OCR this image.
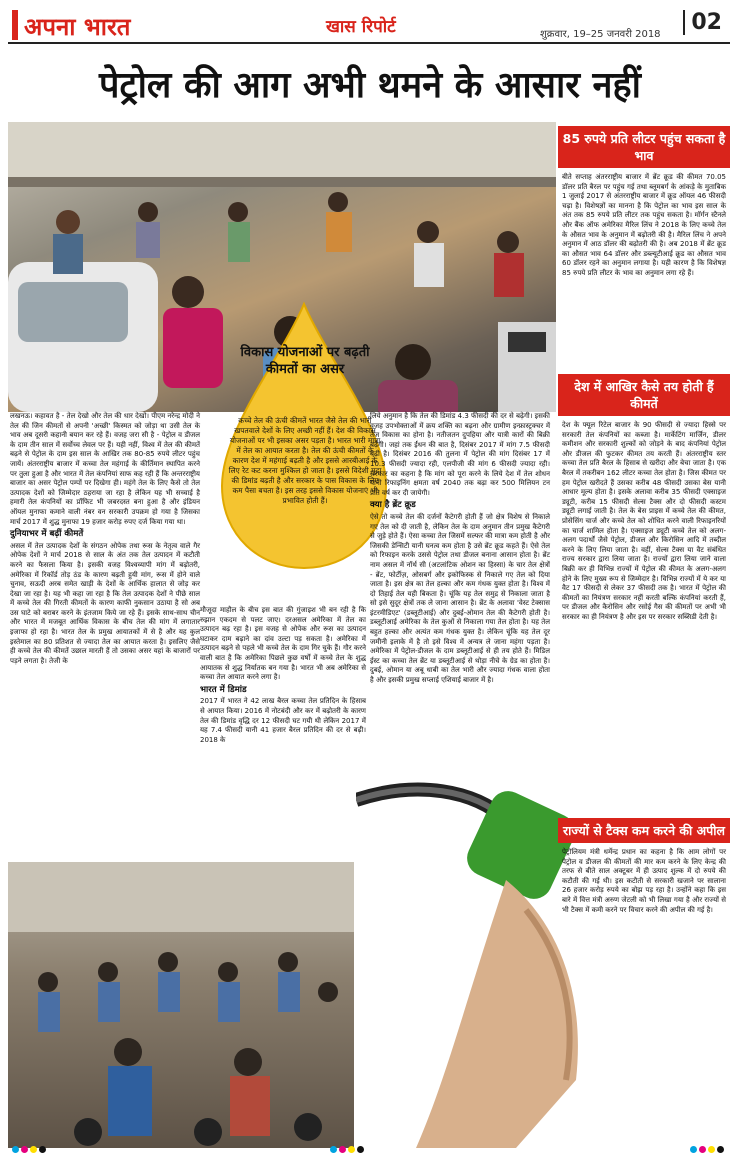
अपना भारत	खास रिपोर्ट	शुक्रवार, 19–25 जनवरी 2018	02
पेट्रोल की आग अभी थमने के आसार नहीं
विकास योजनाओं पर बढ़ती कीमतों का असर
कच्चे तेल की ऊंची कीमतें भारत जैसे तेल की भारी खपतवाले देशों के लिए अच्छी नहीं हैं। देश की विकास योजनाओं पर भी इसका असर पड़ता है। भारत भारी मात्रा में तेल का आयात करता है। तेल की ऊंची कीमतों के कारण देश में महंगाई बढ़ती है और इससे आरबीआई के लिए रेट कट करना मुश्किल हो जाता है। इससे विदेशी मुद्रा की डिमांड बढ़ती है और सरकार के पास विकास के लिए कम पैसा बचता है। इस तरह इससे विकास योजनाएं भी प्रभावित होती हैं।

लखनऊ। कहावत है - तेल देखो और तेल की धार देखो। पीएम नरेन्द्र मोदी ने तेल की जिन कीमतों से अपनी 'अच्छी' किस्मत को जोड़ा था उसी तेल के भाव अब दूसरी कहानी बयान कर रहे हैं। वजह जरा सी है - पेट्रोल व डीजल के दाम तीन साल में सर्वोच्च लेवल पर हैं। यही नहीं, विश्व में तेल की कीमतें बढ़ने से पेट्रोल के दाम इस साल के आखिर तक 80-85 रुपये लीटर पहुंच जायें। अंतरराष्ट्रीय बाजार में कच्चा तेल महंगाई के कीर्तिमान स्थापित करने पर तुला हुआ है और भारत में तेल कंपनियां साफ कह रही हैं कि अन्तरराष्ट्रीय बाजार का असर पेट्रोल पम्पों पर दिखेगा ही। महंगे तेल के लिए कैसे तो तेल उत्पादक देशों को जिम्मेदार ठहराया जा रहा है लेकिन यह भी सच्चाई है हमारी तेल कंपनियों का प्रॉफिट भी जबरदस्त बना हुआ है और इंडियन ऑयल मुनाफा कमाने वाली नंबर वन सरकारी उपक्रम हो गया है जिसका मार्च 2017 में शुद्ध मुनाफा 19 हजार करोड़ रुपए दर्ज किया गया था।

दुनियाभर में बढ़ीं कीमतें

असल में तेल उत्पादक देशों के संगठन ओपेक तथा रूस के नेतृत्व वाले गैर ओपेक देशों ने मार्च 2018 से साल के अंत तक तेल उत्पादन में कटौती करने का फैसला किया है। इसकी वजह विश्वव्यापी मांग में बढ़ोतरी, अमेरिका में रिकॉर्ड तोड़ ठंड के कारण बढ़ती हुयी मांग, रूस में होने वाले चुनाव, सऊदी अरब समेत खाड़ी के देशों के आर्थिक हालात से जोड़ कर देखा जा रहा है। यह भी कहा जा रहा है कि तेल उत्पादक देशों ने पीछे साल में कच्चे तेल की गिरती कीमतों के कारण काफी नुकसान उठाया है सो अब उस घाटे को बराबर करने के इंतजाम किये जा रहे हैं। इसके साथ-साथ चीन और भारत में मजबूत आर्थिक विकास के बीच तेल की मांग में लगातार इजाफा हो रहा है। भारत तेल के प्रमुख आयातकों में से है और यह कुल इस्तेमाल का 80 प्रतिशत से ज्यादा तेल का आयात करता है। इसलिए जैसे ही कच्चे तेल की कीमतें उछाल मारती हैं तो उसका असर यहां के बाजारों पर पड़ने लगता है। तेजी के

मौजूदा माहौल के बीच इस बात की गुंजाइश भी बन रही है कि रुझान एकदम से पलट जाए। दरअसल अमेरिका में तेल का उत्पादन बढ़ रहा है। इस वजह से ओपेक और रूस का उत्पादन घटाकर दाम बढ़ाने का दांव उल्टा पड़ सकता है। अमेरिका में उत्पादन बढ़ने से पहले भी कच्चे तेल के दाम गिर चुके हैं। गौर करने वाली बात है कि अमेरिका पिछले कुछ वर्षों में कच्चे तेल के शुद्ध आयातक से शुद्ध निर्यातक बन गया है। भारत भी अब अमेरिका से कच्चा तेल आयात करने लगा है।

भारत में डिमांड

2017 में भारत ने 42 लाख बैरल कच्चा तेल प्रतिदिन के हिसाब से आयात किया। 2016 में नोटबंदी और कर में बढ़ोतरी के कारण तेल की डिमांड वृद्धि दर 12 फीसदी घट गयी थी लेकिन 2017 में यह 7.4 फीसदी यानी 41 हजार बैरल प्रतिदिन की दर से बढ़ी। 2018 के

लिये अनुमान है कि तेल की डिमांड 4.3 फीसदी की दर से बढ़ेगी। इसकी वजह उपभोक्ताओं में क्रय शक्ति का बढ़ना और ग्रामीण इन्फ्रास्ट्रक्चर में तेज विकास का होना है। नतीजतन दुपहिया और यात्री कारों की बिक्री बढ़ेगी। जहां तक ईंधन की बात है, दिसंबर 2017 में मांग 7.5 फीसदी बढ़ी है। दिसंबर 2016 की तुलना में पेट्रोल की मांग दिसंबर 17 में 10.3 फीसदी ज्यादा रही, एलपीजी की मांग 6 फीसदी ज्यादा रही। सरकार का कहना है कि मांग को पूरा करने के लिये देश में तेल शोधन यानी रिफाइनिंग क्षमता वर्ष 2040 तक बढ़ा कर 500 मिलियन टन प्रति वर्ष कर दी जायेगी।

क्या है ब्रेंट क्रूड

ऐसे तो कच्चे तेल की दर्जनों कैटेगरी होती हैं जो क्षेत्र विशेष से निकाले गए तेल को दी जाती है, लेकिन तेल के दाम अनुमान तीन प्रमुख कैटेगरी से जुड़े होते हैं। ऐसा कच्चा तेल जिसमें सल्फर की मात्रा कम होती है और जिसकी डेन्सिटी यानी घनत्व कम होता है उसे ब्रेंट क्रूड कहते हैं। ऐसे तेल को रिफाइन करके उससे पेट्रोल तथा डीजल बनाना आसान होता है। ब्रेंट नाम असल में नॉर्थ सी (अटलांटिक ओशन का हिस्सा) के चार तेल क्षेत्रों - ब्रेंट, फोर्टीज़, ओसबर्ग और इकोफिस्क से निकाले गए तेल को दिया जाता है। इस क्षेत्र का तेल हल्का और कम गंधक युक्त होता है। विश्व में दो तिहाई तेल यही बिकता है। चूंकि यह तेल समुद्र से निकाला जाता है सो इसे सुदूर क्षेत्रों तक ले जाना आसान है। ब्रेंट के अलावा 'वेस्ट टेक्सास इंटरमीडिएट' (डब्लूटीआई) और दुबई-ओमान तेल की कैटेगरी होती है। डब्लूटीआई अमेरिका के तेल कुओं से निकाला गया तेल होता है। यह तेल बहुत हल्का और अत्यंत कम गंधक युक्त है। लेकिन चूंकि यह तेल दूर जमीनी इलाके में है तो इसे विश्व में अन्यत्र ले जाना महंगा पड़ता है। अमेरिका में पेट्रोल-डीजल के दाम डब्लूटीआई से ही तय होते हैं। मिडिल ईस्ट का कच्चा तेल ब्रेंट या डब्लूटीआई से थोड़ा नीचे के ग्रेड का होता है। दुबई, ओमान या अबू धाबी का तेल भारी और ज्यादा गंधक वाला होता है और इसकी प्रमुख सप्लाई एशियाई बाजार में है।

85 रुपये प्रति लीटर पहुंच सकता है भाव
बीते सप्ताह अंतरराष्ट्रीय बाजार में ब्रेंट क्रूड की कीमत 70.05 डॉलर प्रति बैरल पर पहुंच गई तथा ब्लूमबर्ग के आंकड़े के मुताबिक 1 जुलाई 2017 से अंतरराष्ट्रीय बाजार में क्रूड ऑयल 46 फीसदी चढ़ा है। विशेषज्ञों का मानना है कि पेट्रोल का भाव इस साल के अंत तक 85 रुपये प्रति लीटर तक पहुंच सकता है। मॉर्गन स्टैनले और बैंक ऑफ अमेरिका मैरिल लिंच ने 2018 के लिए कच्चे तेल के औसत भाव के अनुमान में बढ़ोतरी की है। मैरिल लिंच ने अपने अनुमान में आठ डॉलर की बढ़ोतरी की है। अब 2018 में ब्रेंट क्रूड का औसत भाव 64 डॉलर और डब्ल्यूटीआई क्रूड का औसत भाव 60 डॉलर रहने का अनुमान लगाया है। यही कारण है कि विशेषज्ञ 85 रुपये प्रति लीटर के भाव का अनुमान लगा रहे हैं।
देश में आखिर कैसे तय होती हैं कीमतें
देश के फ्यूल रिटेल बाजार के 90 फीसदी से ज्यादा हिस्से पर सरकारी तेल कंपनियों का कब्जा है। मार्केटिंग मार्जिन, डीलर कमीशन और सरकारी शुल्कों को जोड़ने के बाद कंपनियां पेट्रोल और डीजल की फुटकर कीमत तय करती हैं। अंतरराष्ट्रीय स्तर कच्चा तेल प्रति बैरल के हिसाब से खरीदा और बेचा जाता है। एक बैरल में तकरीबन 162 लीटर कच्चा तेल होता है। जिस कीमत पर हम पेट्रोल खरीदते हैं उसका करीब 48 फीसदी उसका बेस यानी आधार मूल्य होता है। इसके अलावा करीब 35 फीसदी एक्साइज ड्यूटी, करीब 15 फीसदी सेल्स टैक्स और दो फीसदी कस्टम ड्यूटी लगाई जाती है। तेल के बेस प्राइस में कच्चे तेल की कीमत, प्रोसेसिंग चार्ज और कच्चे तेल को शोधित करने वाली रिफाइनरियों का चार्ज शामिल होता है। एक्साइज ड्यूटी कच्चे तेल को अलग-अलग पदार्थों जैसे पेट्रोल, डीजल और किरोसिन आदि में तब्दील करने के लिए लिया जाता है। वहीं, सेल्स टैक्स या वैट संबंधित राज्य सरकार द्वारा लिया जाता है। राज्यों द्वारा लिया जाने वाला बिक्री कर ही विभिन्न राज्यों में पेट्रोल की कीमत के अलग-अलग होने के लिए मुख्य रूप से जिम्मेदार है। विभिन्न राज्यों में ये कर या वैट 17 फीसदी से लेकर 37 फीसदी तक है। भारत में पेट्रोल की कीमतों का नियंत्रण सरकार नहीं करती बल्कि कंपनियां करती हैं, पर डीजल और कैरोसिन और रसोई गैस की कीमतों पर अभी भी सरकार का ही नियंत्रण है और इस पर सरकार सब्सिडी देती है।
राज्यों से टैक्स कम करने की अपील
पेट्रोलियम मंत्री धर्मेन्द्र प्रधान का कहना है कि आम लोगों पर पेट्रोल व डीजल की कीमतों की मार कम करने के लिए केन्द्र की तरफ से बीते साल अक्टूबर में ही उत्पाद शुल्क में दो रुपये की कटौती की गई थी। इस कटौती से सरकारी खजाने पर सालाना 26 हजार करोड़ रुपये का बोझ पड़ रहा है। उन्होंने कहा कि इस बारे में वित्त मंत्री अरुण जेटली को भी लिखा गया है और राज्यों से भी टैक्स में कमी करने पर विचार करने की अपील की गई है।
